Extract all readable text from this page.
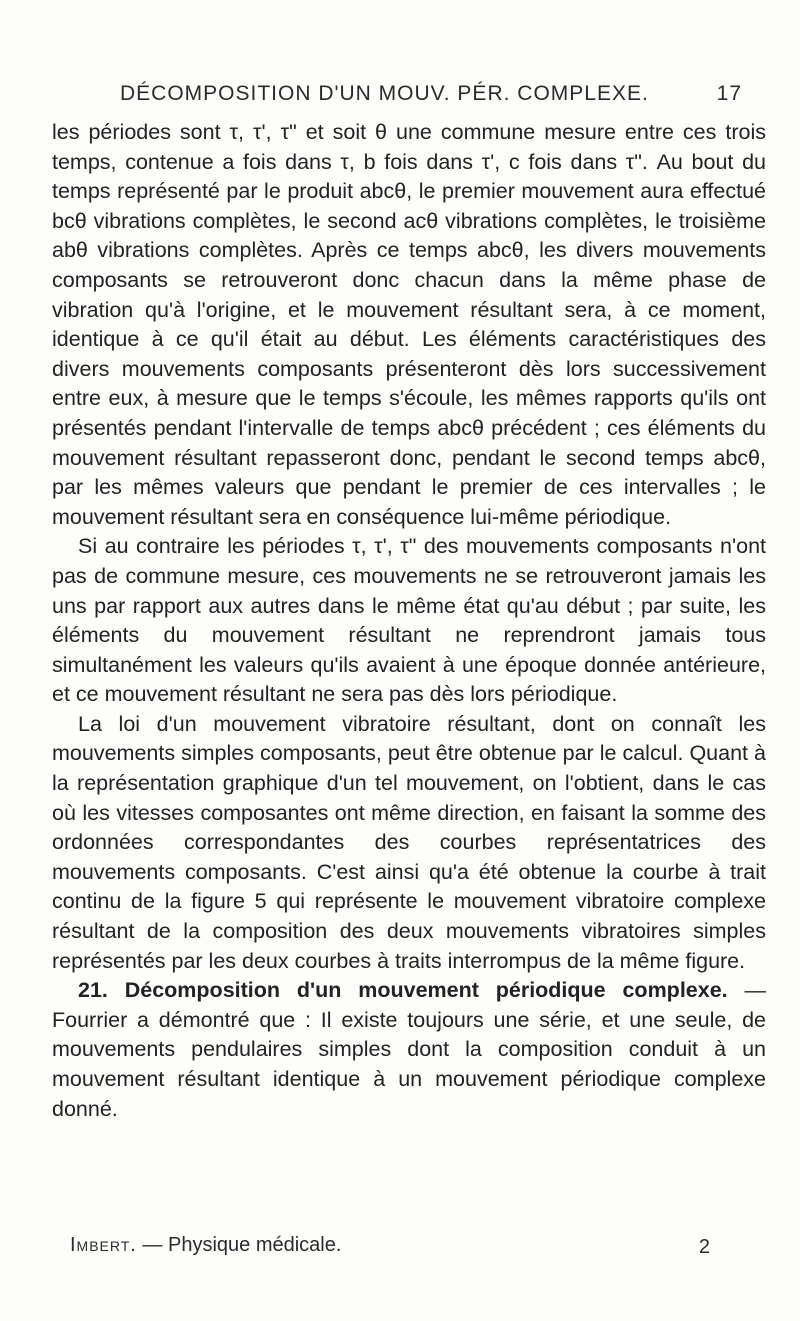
DÉCOMPOSITION D'UN MOUV. PÉR. COMPLEXE.	17

les périodes sont τ, τ', τ" et soit θ une commune mesure entre ces trois temps, contenue a fois dans τ, b fois dans τ', c fois dans τ". Au bout du temps représenté par le produit abcθ, le premier mouvement aura effectué bcθ vibrations complètes, le second acθ vibrations complètes, le troisième abθ vibrations complètes. Après ce temps abcθ, les divers mouvements composants se retrouveront donc chacun dans la même phase de vibration qu'à l'origine, et le mouvement résultant sera, à ce moment, identique à ce qu'il était au début. Les éléments caractéristiques des divers mouvements composants présenteront dès lors successivement entre eux, à mesure que le temps s'écoule, les mêmes rapports qu'ils ont présentés pendant l'intervalle de temps abcθ précédent ; ces éléments du mouvement résultant repasseront donc, pendant le second temps abcθ, par les mêmes valeurs que pendant le premier de ces intervalles ; le mouvement résultant sera en conséquence lui-même périodique.

Si au contraire les périodes τ, τ', τ" des mouvements composants n'ont pas de commune mesure, ces mouvements ne se retrouveront jamais les uns par rapport aux autres dans le même état qu'au début ; par suite, les éléments du mouvement résultant ne reprendront jamais tous simultanément les valeurs qu'ils avaient à une époque donnée antérieure, et ce mouvement résultant ne sera pas dès lors périodique.

La loi d'un mouvement vibratoire résultant, dont on connaît les mouvements simples composants, peut être obtenue par le calcul. Quant à la représentation graphique d'un tel mouvement, on l'obtient, dans le cas où les vitesses composantes ont même direction, en faisant la somme des ordonnées correspondantes des courbes représentatrices des mouvements composants. C'est ainsi qu'a été obtenue la courbe à trait continu de la figure 5 qui représente le mouvement vibratoire complexe résultant de la composition des deux mouvements vibratoires simples représentés par les deux courbes à traits interrompus de la même figure.

21. Décomposition d'un mouvement périodique complexe. — Fourrier a démontré que : Il existe toujours une série, et une seule, de mouvements pendulaires simples dont la composition conduit à un mouvement résultant identique à un mouvement périodique complexe donné.

Imbert. — Physique médicale.	2
